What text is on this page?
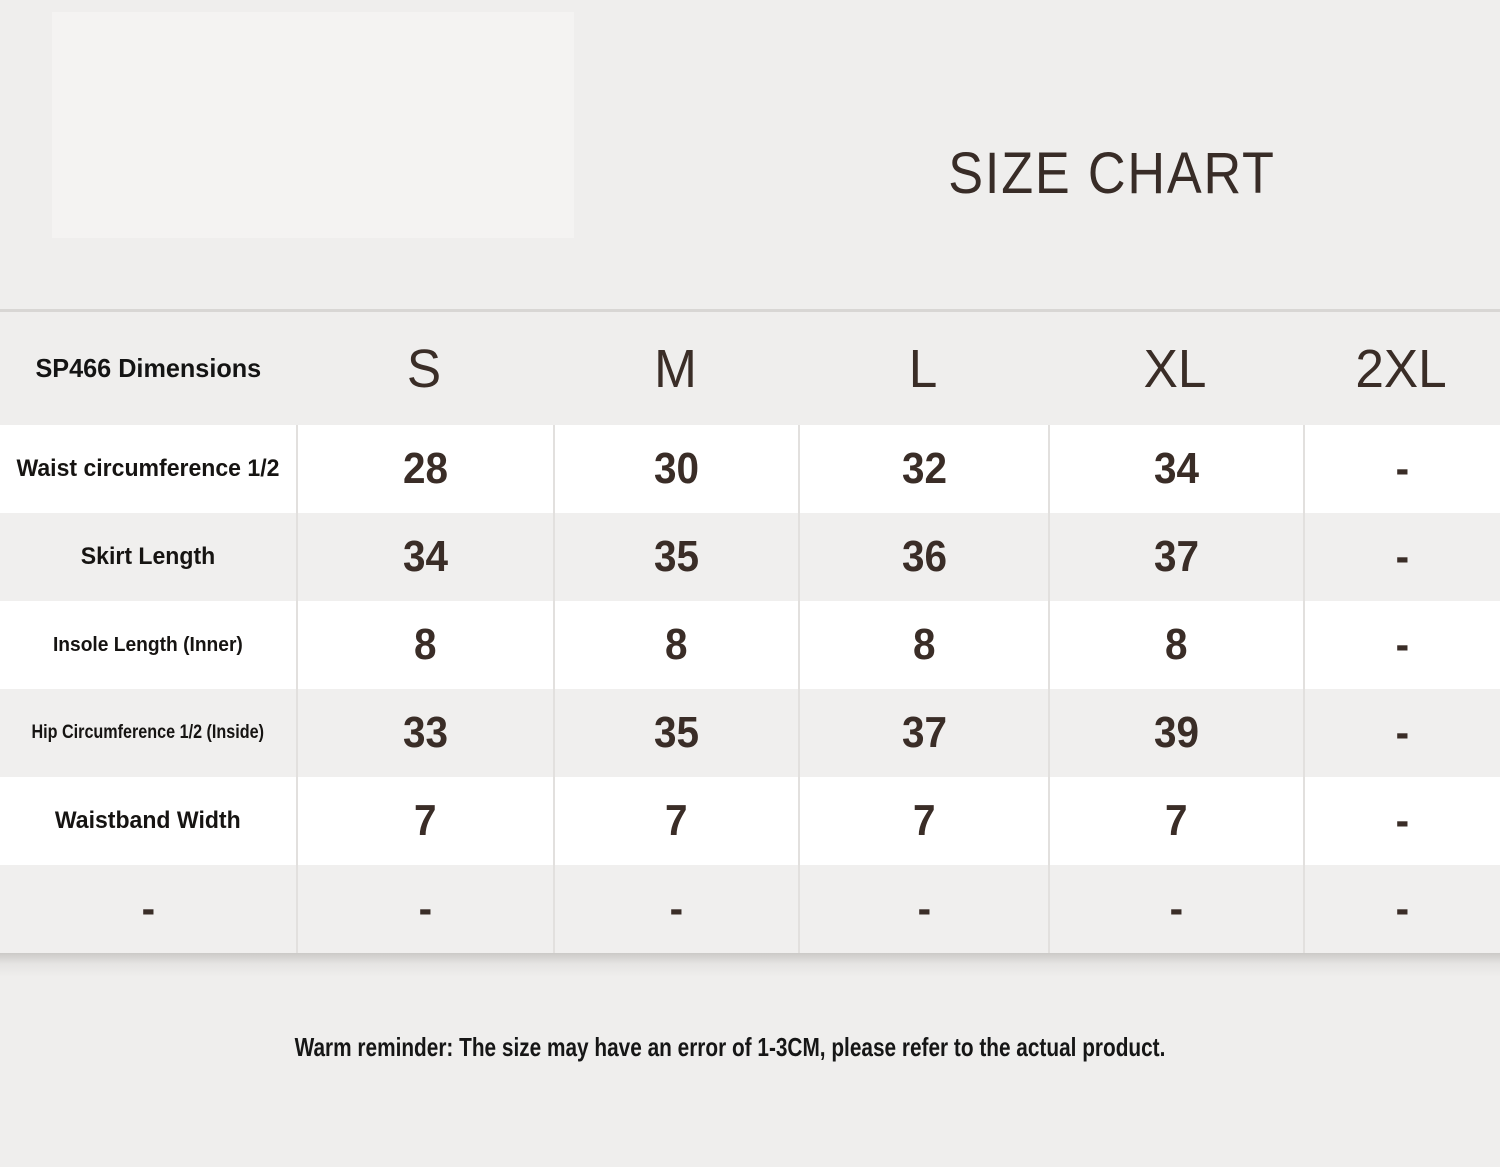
SIZE CHART
SP466 Dimensions	S	M	L	XL	2XL
Waist circumference 1/2	28	30	32	34	-
Skirt Length	34	35	36	37	-
Insole Length (Inner)	8	8	8	8	-
Hip Circumference 1/2 (Inside)	33	35	37	39	-
Waistband Width	7	7	7	7	-
-	-	-	-	-	-
Warm reminder: The size may have an error of 1-3CM, please refer to the actual product.
